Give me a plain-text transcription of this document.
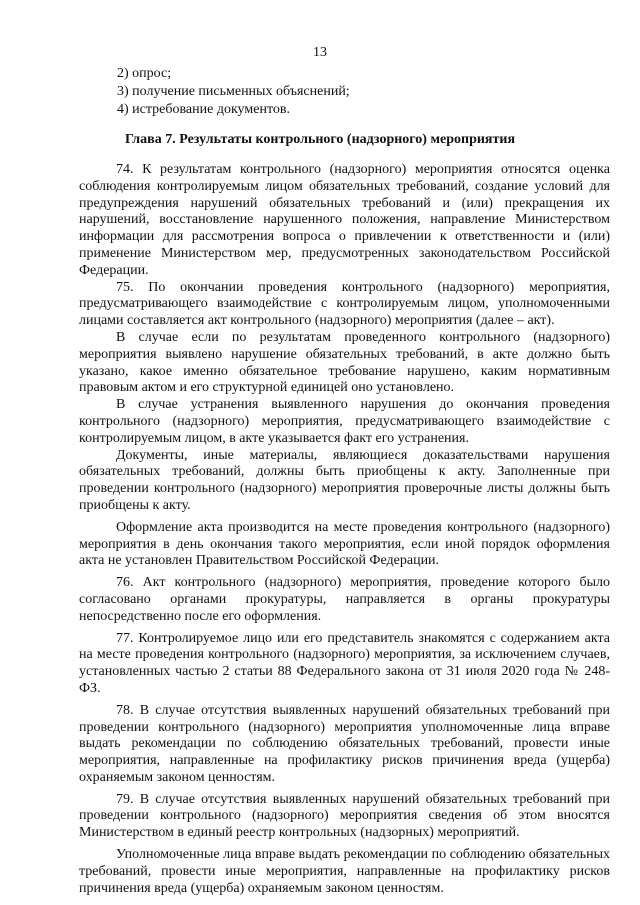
13
2) опрос;
3) получение письменных объяснений;
4) истребование документов.
Глава 7. Результаты контрольного (надзорного) мероприятия

74. К результатам контрольного (надзорного) мероприятия относятся оценка соблюдения контролируемым лицом обязательных требований, создание условий для предупреждения нарушений обязательных требований и (или) прекращения их нарушений, восстановление нарушенного положения, направление Министерством информации для рассмотрения вопроса о привлечении к ответственности и (или) применение Министерством мер, предусмотренных законодательством Российской Федерации.

75. По окончании проведения контрольного (надзорного) мероприятия, предусматривающего взаимодействие с контролируемым лицом, уполномоченными лицами составляется акт контрольного (надзорного) мероприятия (далее – акт).

В случае если по результатам проведенного контрольного (надзорного) мероприятия выявлено нарушение обязательных требований, в акте должно быть указано, какое именно обязательное требование нарушено, каким нормативным правовым актом и его структурной единицей оно установлено.

В случае устранения выявленного нарушения до окончания проведения контрольного (надзорного) мероприятия, предусматривающего взаимодействие с контролируемым лицом, в акте указывается факт его устранения.

Документы, иные материалы, являющиеся доказательствами нарушения обязательных требований, должны быть приобщены к акту. Заполненные при проведении контрольного (надзорного) мероприятия проверочные листы должны быть приобщены к акту.

Оформление акта производится на месте проведения контрольного (надзорного) мероприятия в день окончания такого мероприятия, если иной порядок оформления акта не установлен Правительством Российской Федерации.

76. Акт контрольного (надзорного) мероприятия, проведение которого было согласовано органами прокуратуры, направляется в органы прокуратуры непосредственно после его оформления.

77. Контролируемое лицо или его представитель знакомятся с содержанием акта на месте проведения контрольного (надзорного) мероприятия, за исключением случаев, установленных частью 2 статьи 88 Федерального закона от 31 июля 2020 года № 248-ФЗ.

78. В случае отсутствия выявленных нарушений обязательных требований при проведении контрольного (надзорного) мероприятия уполномоченные лица вправе выдать рекомендации по соблюдению обязательных требований, провести иные мероприятия, направленные на профилактику рисков причинения вреда (ущерба) охраняемым законом ценностям.

79. В случае отсутствия выявленных нарушений обязательных требований при проведении контрольного (надзорного) мероприятия сведения об этом вносятся Министерством в единый реестр контрольных (надзорных) мероприятий.

Уполномоченные лица вправе выдать рекомендации по соблюдению обязательных требований, провести иные мероприятия, направленные на профилактику рисков причинения вреда (ущерба) охраняемым законом ценностям.
